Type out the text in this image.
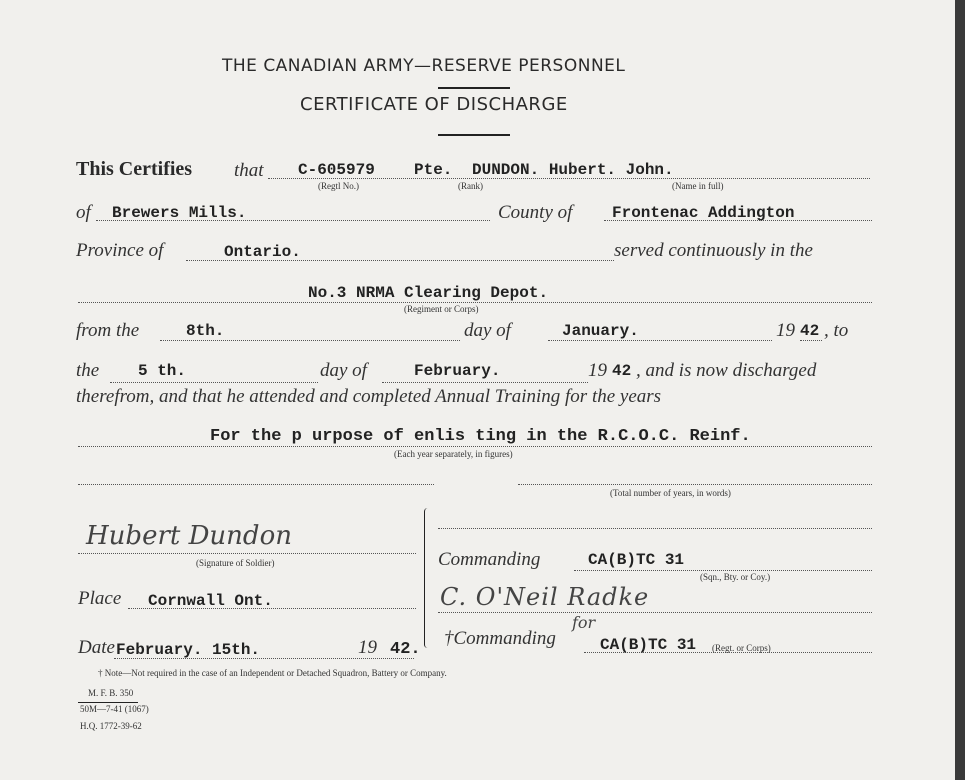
THE CANADIAN ARMY—RESERVE PERSONNEL
CERTIFICATE OF DISCHARGE
This Certifies that C-605979 Pte. DUNDON. Hubert. John.
(Regtl No.)	(Rank)	(Name in full)
of Brewers Mills.	County of Frontenac Addington
Province of	Ontario.	served continuously in the
No.3 NRMA Clearing Depot.
(Regiment or Corps)
from the	8th.	day of	January.	19 42 , to
the 5 th.	day of	February.	19 42 , and is now discharged
therefrom, and that he attended and completed Annual Training for the years
For the p urpose of enlis ting in the R.C.O.C. Reinf.
(Each year separately, in figures)
(Total number of years, in words)
Hubert Dundon
(Signature of Soldier)
Place Cornwall Ont.
Date February. 15th.	19 42.
Commanding	CA(B)TC 31
(Sqn., Bty. or Coy.)
C. O'Neil Radke
for
†Commanding	CA(B)TC 31 (Regt. or Corps)
† Note—Not required in the case of an Independent or Detached Squadron, Battery or Company.
M. F. B. 350
50M—7-41 (1067)
H.Q. 1772-39-62
